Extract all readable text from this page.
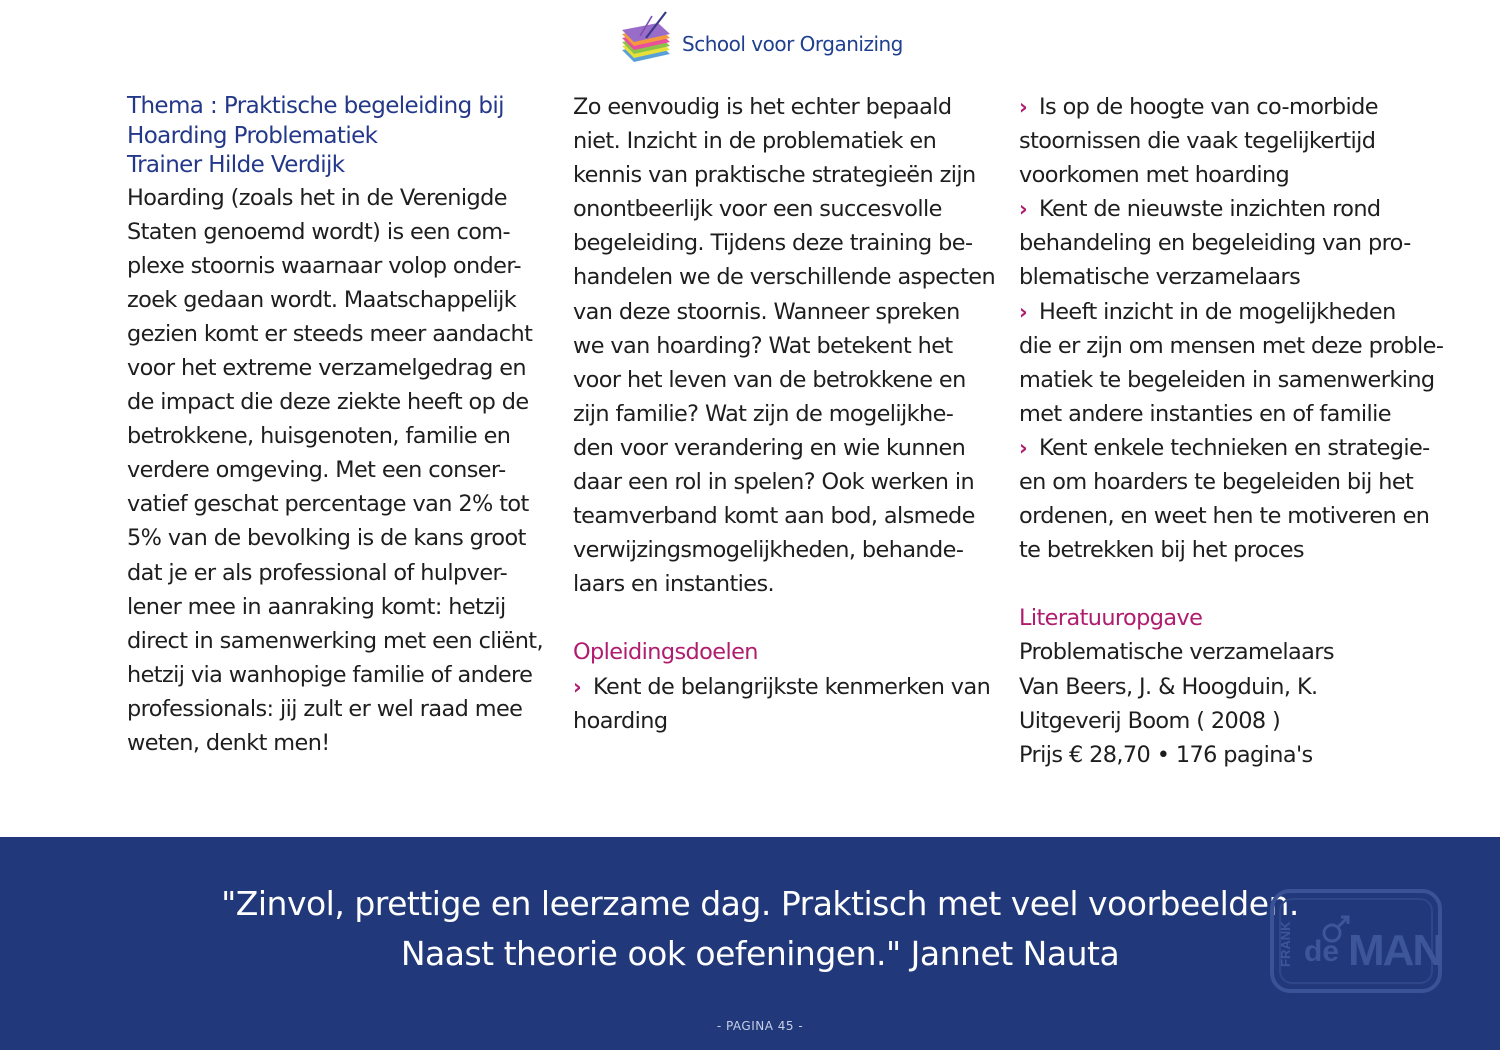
School voor Organizing
Thema : Praktische begeleiding bij
Hoarding Problematiek
Trainer Hilde Verdijk
Hoarding (zoals het in de Verenigde
Staten genoemd wordt) is een com-
plexe stoornis waarnaar volop onder-
zoek gedaan wordt. Maatschappelijk
gezien komt er steeds meer aandacht
voor het extreme verzamelgedrag en
de impact die deze ziekte heeft op de
betrokkene, huisgenoten, familie en
verdere omgeving. Met een conser-
vatief geschat percentage van 2% tot
5% van de bevolking is de kans groot
dat je er als professional of hulpver-
lener mee in aanraking komt: hetzij
direct in samenwerking met een cliënt,
hetzij via wanhopige familie of andere
professionals: jij zult er wel raad mee
weten, denkt men!
Zo eenvoudig is het echter bepaald
niet. Inzicht in de problematiek en
kennis van praktische strategieën zijn
onontbeerlijk voor een succesvolle
begeleiding. Tijdens deze training be-
handelen we de verschillende aspecten
van deze stoornis. Wanneer spreken
we van hoarding? Wat betekent het
voor het leven van de betrokkene en
zijn familie? Wat zijn de mogelijkhe-
den voor verandering en wie kunnen
daar een rol in spelen? Ook werken in
teamverband komt aan bod, alsmede
verwijzingsmogelijkheden, behande-
laars en instanties.
Opleidingsdoelen
› Kent de belangrijkste kenmerken van
hoarding
› Is op de hoogte van co-morbide
stoornissen die vaak tegelijkertijd
voorkomen met hoarding
› Kent de nieuwste inzichten rond
behandeling en begeleiding van pro-
blematische verzamelaars
› Heeft inzicht in de mogelijkheden
die er zijn om mensen met deze proble-
matiek te begeleiden in samenwerking
met andere instanties en of familie
› Kent enkele technieken en strategie-
en om hoarders te begeleiden bij het
ordenen, en weet hen te motiveren en
te betrekken bij het proces
Literatuuropgave
Problematische verzamelaars
Van Beers, J. & Hoogduin, K.
Uitgeverij Boom ( 2008 )
Prijs € 28,70 • 176 pagina's
"Zinvol, prettige en leerzame dag. Praktisch met veel voorbeelden.
Naast theorie ook oefeningen." Jannet Nauta	FRANK de MAN
- PAGINA 45 -
